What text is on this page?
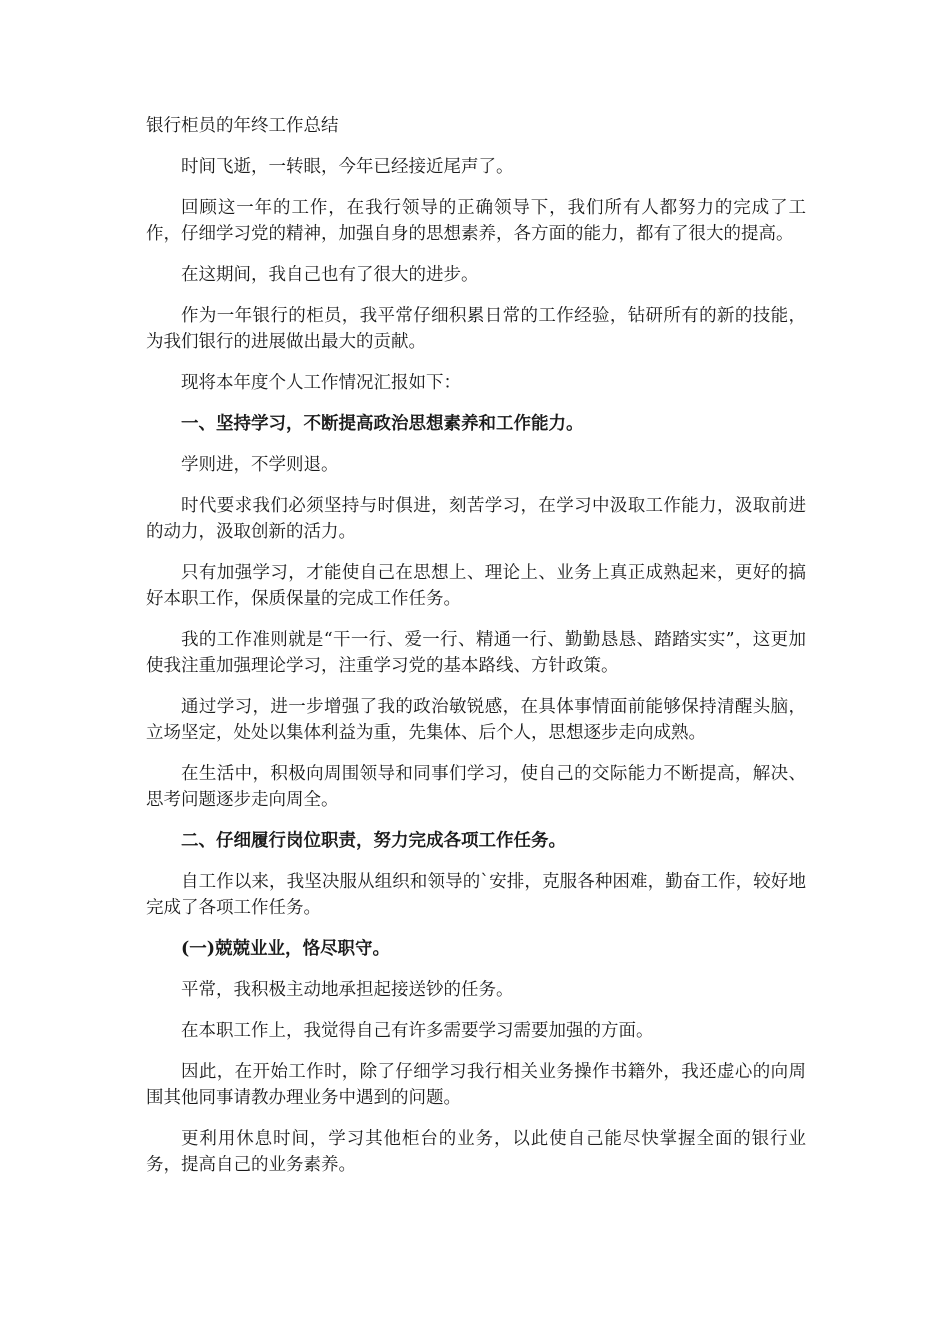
银行柜员的年终工作总结

时间飞逝，一转眼，今年已经接近尾声了。

回顾这一年的工作，在我行领导的正确领导下，我们所有人都努力的完成了工作，仔细学习党的精神，加强自身的思想素养，各方面的能力，都有了很大的提高。

在这期间，我自己也有了很大的进步。

作为一年银行的柜员，我平常仔细积累日常的工作经验，钻研所有的新的技能，为我们银行的进展做出最大的贡献。

现将本年度个人工作情况汇报如下：

一、坚持学习，不断提高政治思想素养和工作能力。

学则进，不学则退。

时代要求我们必须坚持与时俱进，刻苦学习，在学习中汲取工作能力，汲取前进的动力，汲取创新的活力。

只有加强学习，才能使自己在思想上、理论上、业务上真正成熟起来，更好的搞好本职工作，保质保量的完成工作任务。

我的工作准则就是“干一行、爱一行、精通一行、勤勤恳恳、踏踏实实”，这更加使我注重加强理论学习，注重学习党的基本路线、方针政策。

通过学习，进一步增强了我的政治敏锐感，在具体事情面前能够保持清醒头脑，立场坚定，处处以集体利益为重，先集体、后个人，思想逐步走向成熟。

在生活中，积极向周围领导和同事们学习，使自己的交际能力不断提高，解决、思考问题逐步走向周全。

二、仔细履行岗位职责，努力完成各项工作任务。

自工作以来，我坚决服从组织和领导的`安排，克服各种困难，勤奋工作，较好地完成了各项工作任务。

(一)兢兢业业，恪尽职守。

平常，我积极主动地承担起接送钞的任务。

在本职工作上，我觉得自己有许多需要学习需要加强的方面。

因此，在开始工作时，除了仔细学习我行相关业务操作书籍外，我还虚心的向周围其他同事请教办理业务中遇到的问题。

更利用休息时间，学习其他柜台的业务，以此使自己能尽快掌握全面的银行业务，提高自己的业务素养。
